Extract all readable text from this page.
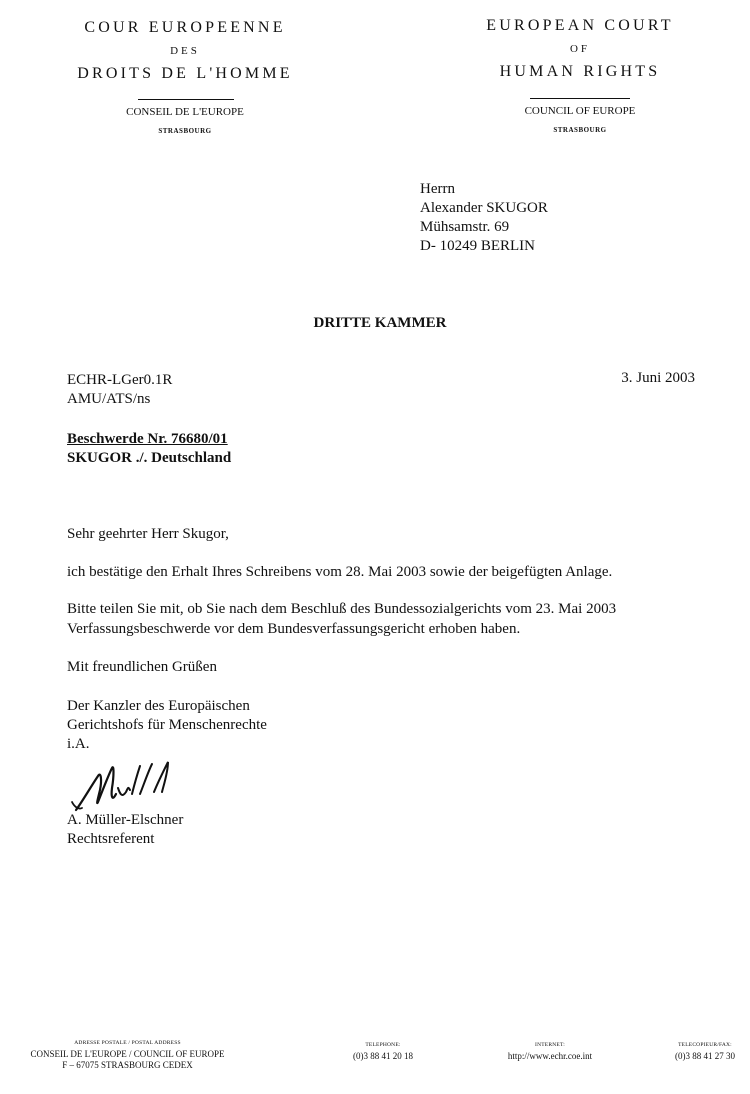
COUR EUROPEENNE
DES
DROITS DE L'HOMME
CONSEIL DE L'EUROPE
STRASBOURG
EUROPEAN COURT
OF
HUMAN RIGHTS
COUNCIL OF EUROPE
STRASBOURG
Herrn
Alexander SKUGOR
Mühsamstr. 69
D- 10249 BERLIN
DRITTE KAMMER
ECHR-LGer0.1R
AMU/ATS/ns
3. Juni 2003
Beschwerde Nr. 76680/01
SKUGOR ./. Deutschland
Sehr geehrter Herr Skugor,
ich bestätige den Erhalt Ihres Schreibens vom 28. Mai 2003 sowie der beigefügten Anlage.
Bitte teilen Sie mit, ob Sie nach dem Beschluß des Bundessozialgerichts vom 23. Mai 2003
Verfassungsbeschwerde vor dem Bundesverfassungsgericht erhoben haben.
Mit freundlichen Grüßen
Der Kanzler des Europäischen
Gerichtshofs für Menschenrechte
i.A.
A. Müller-Elschner
Rechtsreferent
ADRESSE POSTALE / POSTAL ADDRESS
CONSEIL DE L'EUROPE / COUNCIL OF EUROPE
F – 67075 STRASBOURG CEDEX
TELEPHONE:
(0)3 88 41 20 18
INTERNET:
http://www.echr.coe.int
TELECOPIEUR/FAX:
(0)3 88 41 27 30
